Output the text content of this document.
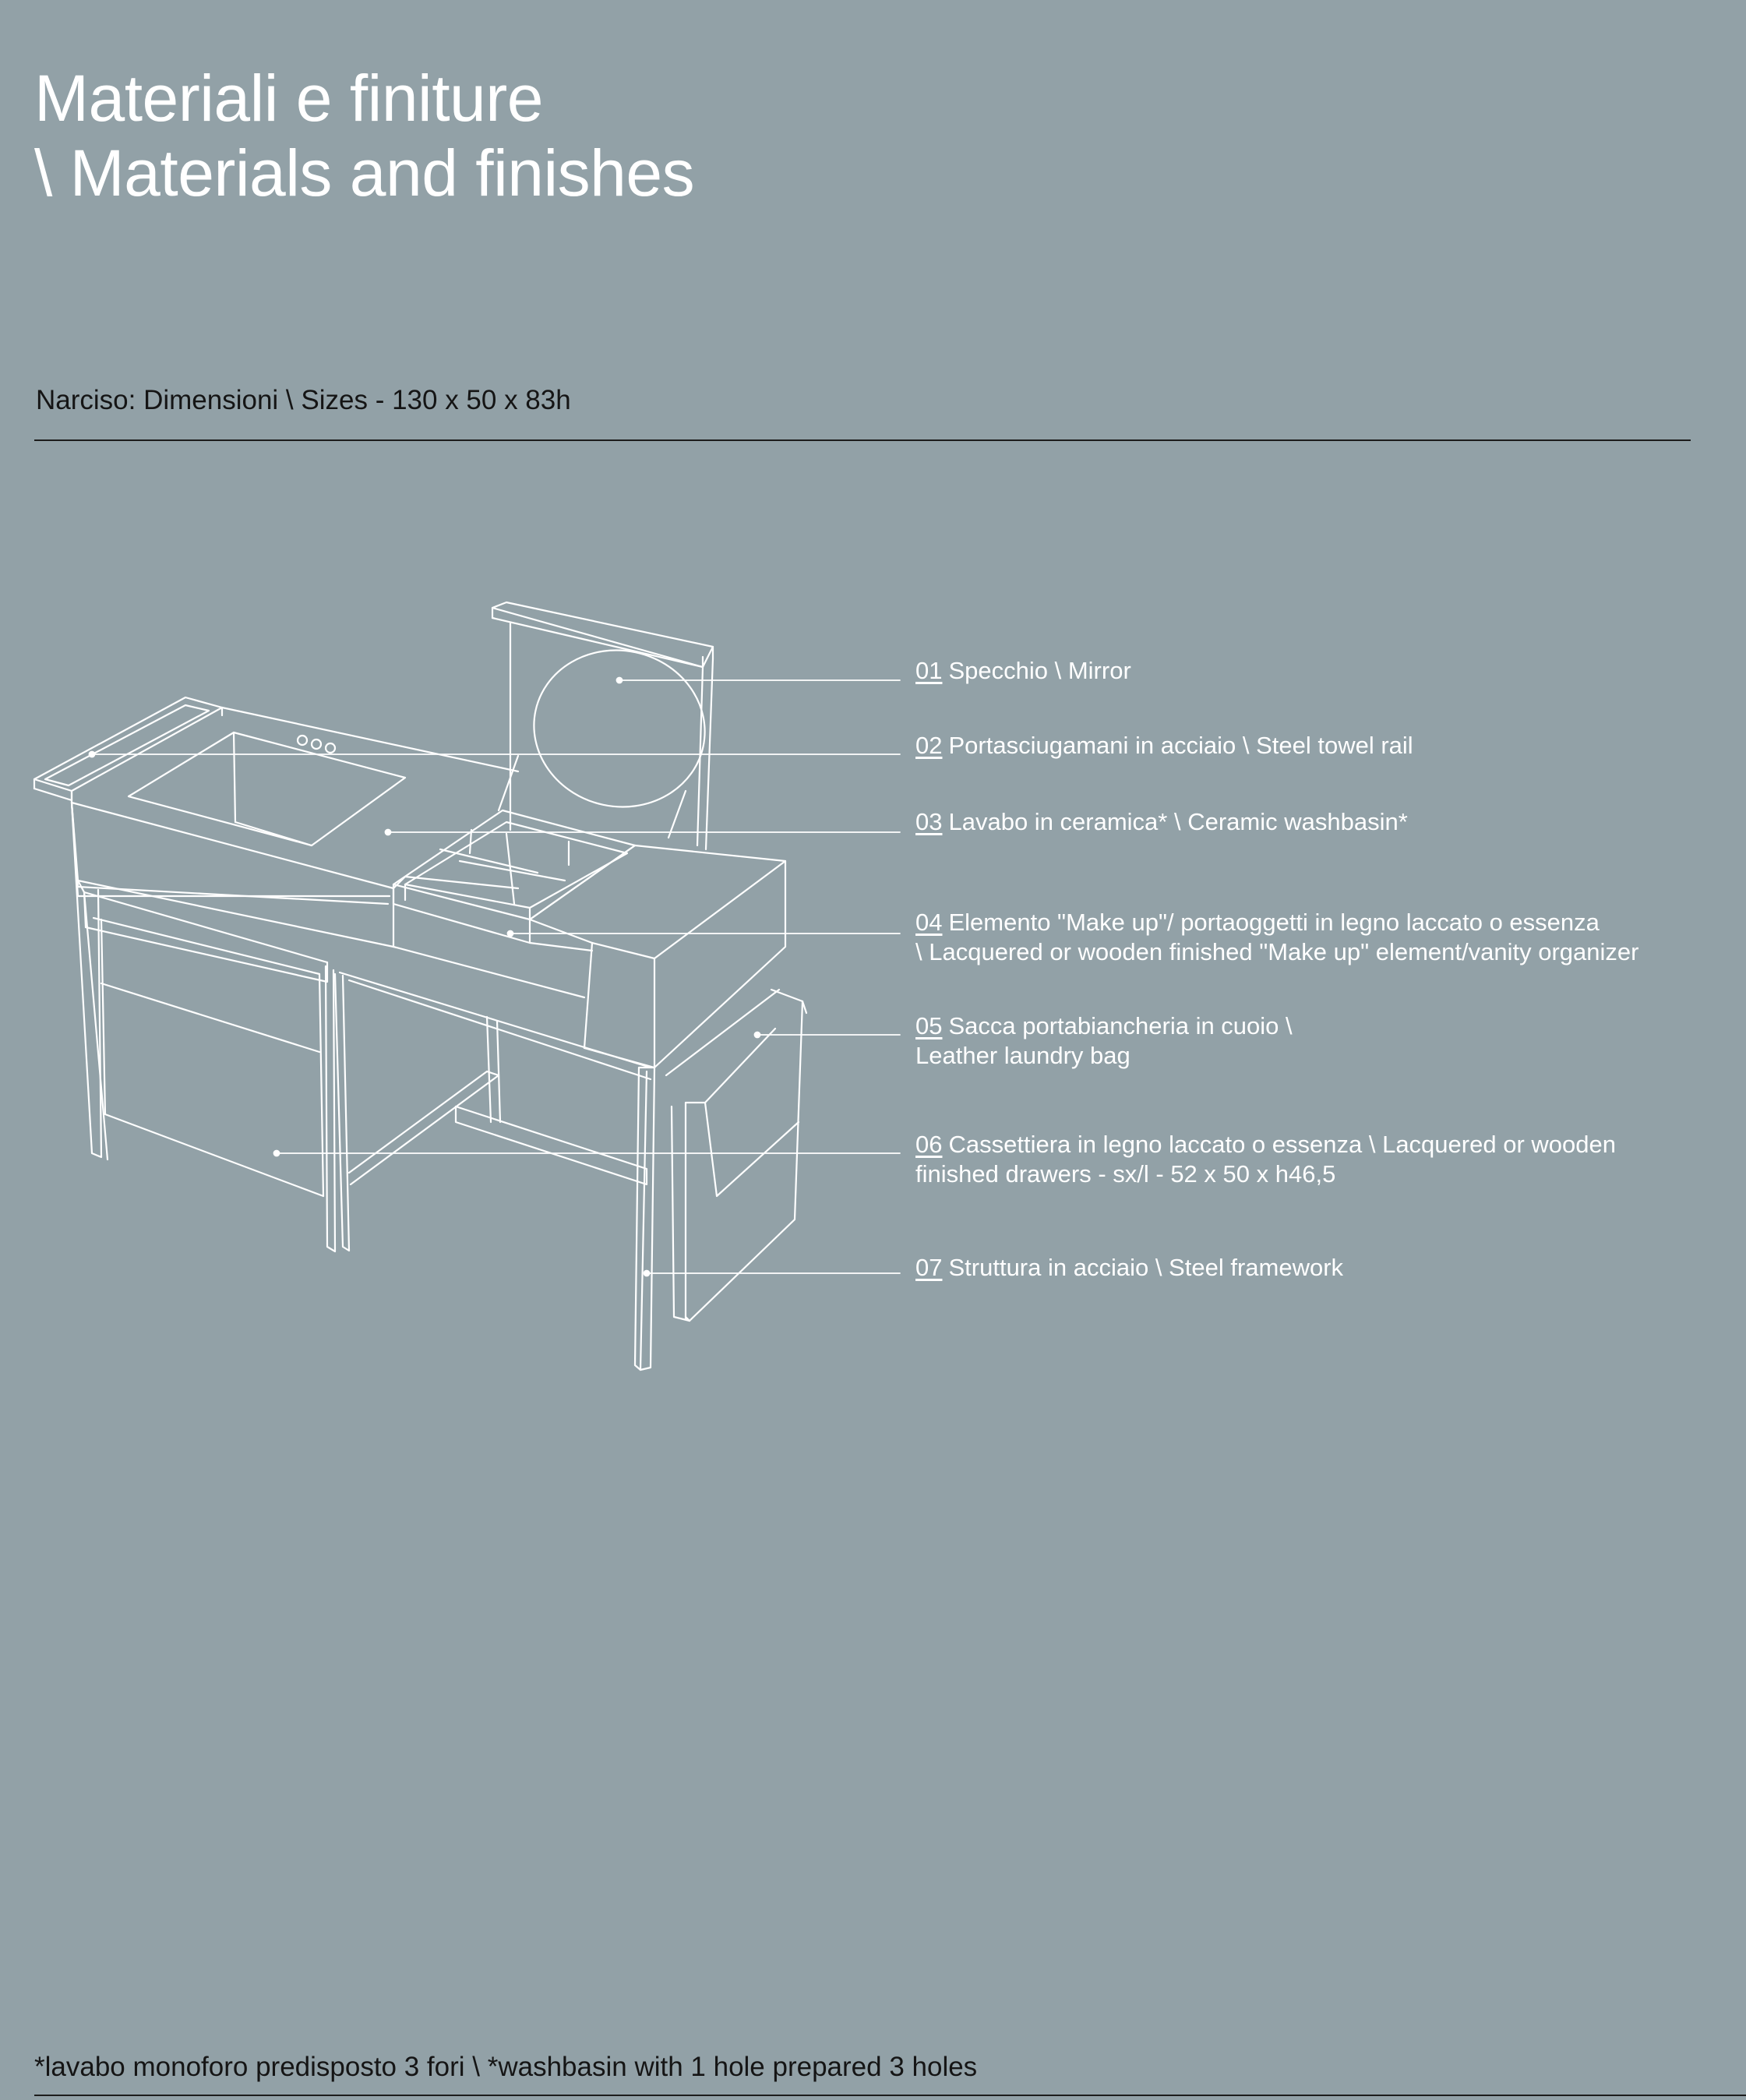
Materiali e finiture
\ Materials and finishes
Narciso: Dimensioni \ Sizes - 130 x 50 x 83h
01 Specchio \ Mirror
02 Portasciugamani in acciaio \ Steel towel rail
03 Lavabo in ceramica* \ Ceramic washbasin*
04 Elemento "Make up"/ portaoggetti in legno laccato o essenza
\ Lacquered or wooden finished "Make up" element/vanity organizer
05 Sacca portabiancheria in cuoio \
Leather laundry bag
06 Cassettiera in legno laccato o essenza \ Lacquered or wooden
finished drawers - sx/l - 52 x 50 x h46,5
07 Struttura in acciaio \ Steel framework
*lavabo monoforo predisposto 3 fori \ *washbasin with 1 hole prepared 3 holes
